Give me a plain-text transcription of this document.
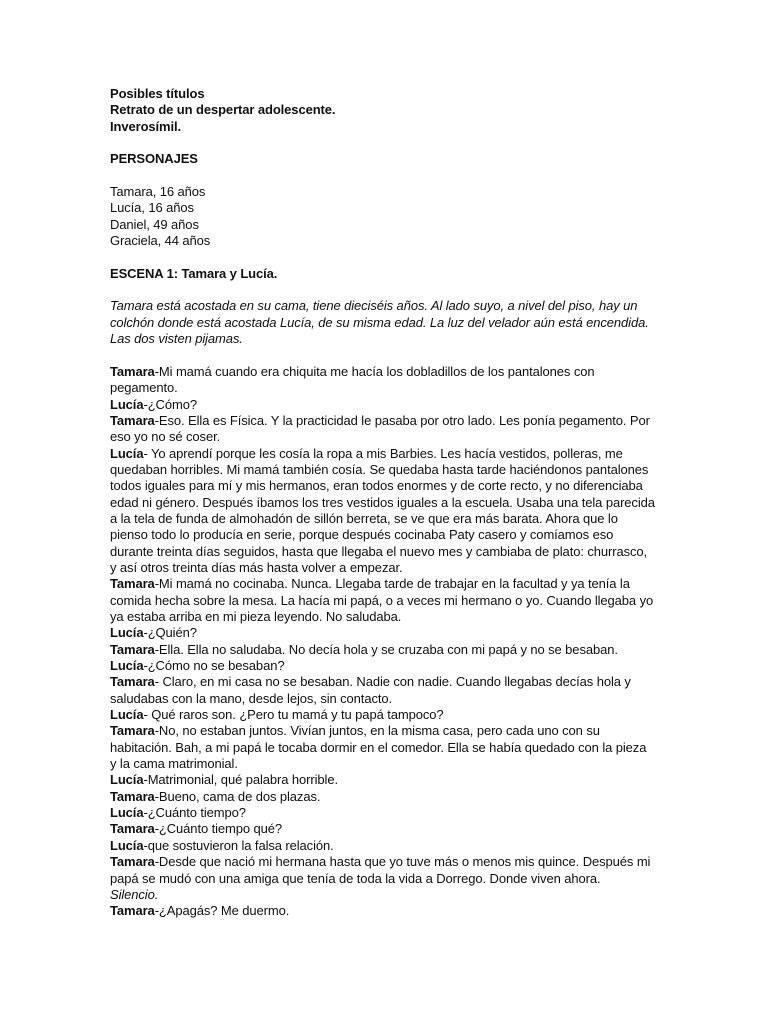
Posibles títulos
Retrato de un despertar adolescente.
Inverosímil.
PERSONAJES
Tamara, 16 años
Lucía, 16 años
Daniel, 49 años
Graciela, 44 años
ESCENA 1: Tamara y Lucía.
Tamara está acostada en su cama, tiene dieciséis años. Al lado suyo, a nivel del piso, hay un
colchón donde está acostada Lucía, de su misma edad. La luz del velador aún está encendida.
Las dos visten pijamas.
Tamara-Mi mamá cuando era chiquita me hacía los dobladillos de los pantalones con
pegamento.
Lucía-¿Cómo?
Tamara-Eso. Ella es Física. Y la practicidad le pasaba por otro lado. Les ponía pegamento. Por
eso yo no sé coser.
Lucía- Yo aprendí porque les cosía la ropa a mis Barbies. Les hacía vestidos, polleras, me
quedaban horribles. Mi mamá también cosía. Se quedaba hasta tarde haciéndonos pantalones
todos iguales para mí y mis hermanos, eran todos enormes y de corte recto, y no diferenciaba
edad ni género. Después íbamos los tres vestidos iguales a la escuela. Usaba una tela parecida
a la tela de funda de almohadón de sillón berreta, se ve que era más barata. Ahora que lo
pienso todo lo producía en serie, porque después cocinaba Paty casero y comíamos eso
durante treinta días seguidos, hasta que llegaba el nuevo mes y cambiaba de plato: churrasco,
y así otros treinta días más hasta volver a empezar.
Tamara-Mi mamá no cocinaba. Nunca. Llegaba tarde de trabajar en la facultad y ya tenía la
comida hecha sobre la mesa. La hacía mi papá, o a veces mi hermano o yo. Cuando llegaba yo
ya estaba arriba en mi pieza leyendo. No saludaba.
Lucía-¿Quién?
Tamara-Ella. Ella no saludaba. No decía hola y se cruzaba con mi papá y no se besaban.
Lucía-¿Cómo no se besaban?
Tamara- Claro, en mi casa no se besaban. Nadie con nadie. Cuando llegabas decías hola y
saludabas con la mano, desde lejos, sin contacto.
Lucía- Qué raros son. ¿Pero tu mamá y tu papá tampoco?
Tamara-No, no estaban juntos. Vivían juntos, en la misma casa, pero cada uno con su
habitación. Bah, a mi papá le tocaba dormir en el comedor. Ella se había quedado con la pieza
y la cama matrimonial.
Lucía-Matrimonial, qué palabra horrible.
Tamara-Bueno, cama de dos plazas.
Lucía-¿Cuánto tiempo?
Tamara-¿Cuánto tiempo qué?
Lucía-que sostuvieron la falsa relación.
Tamara-Desde que nació mi hermana hasta que yo tuve más o menos mis quince. Después mi
papá se mudó con una amiga que tenía de toda la vida a Dorrego. Donde viven ahora.
Silencio.
Tamara-¿Apagás? Me duermo.
